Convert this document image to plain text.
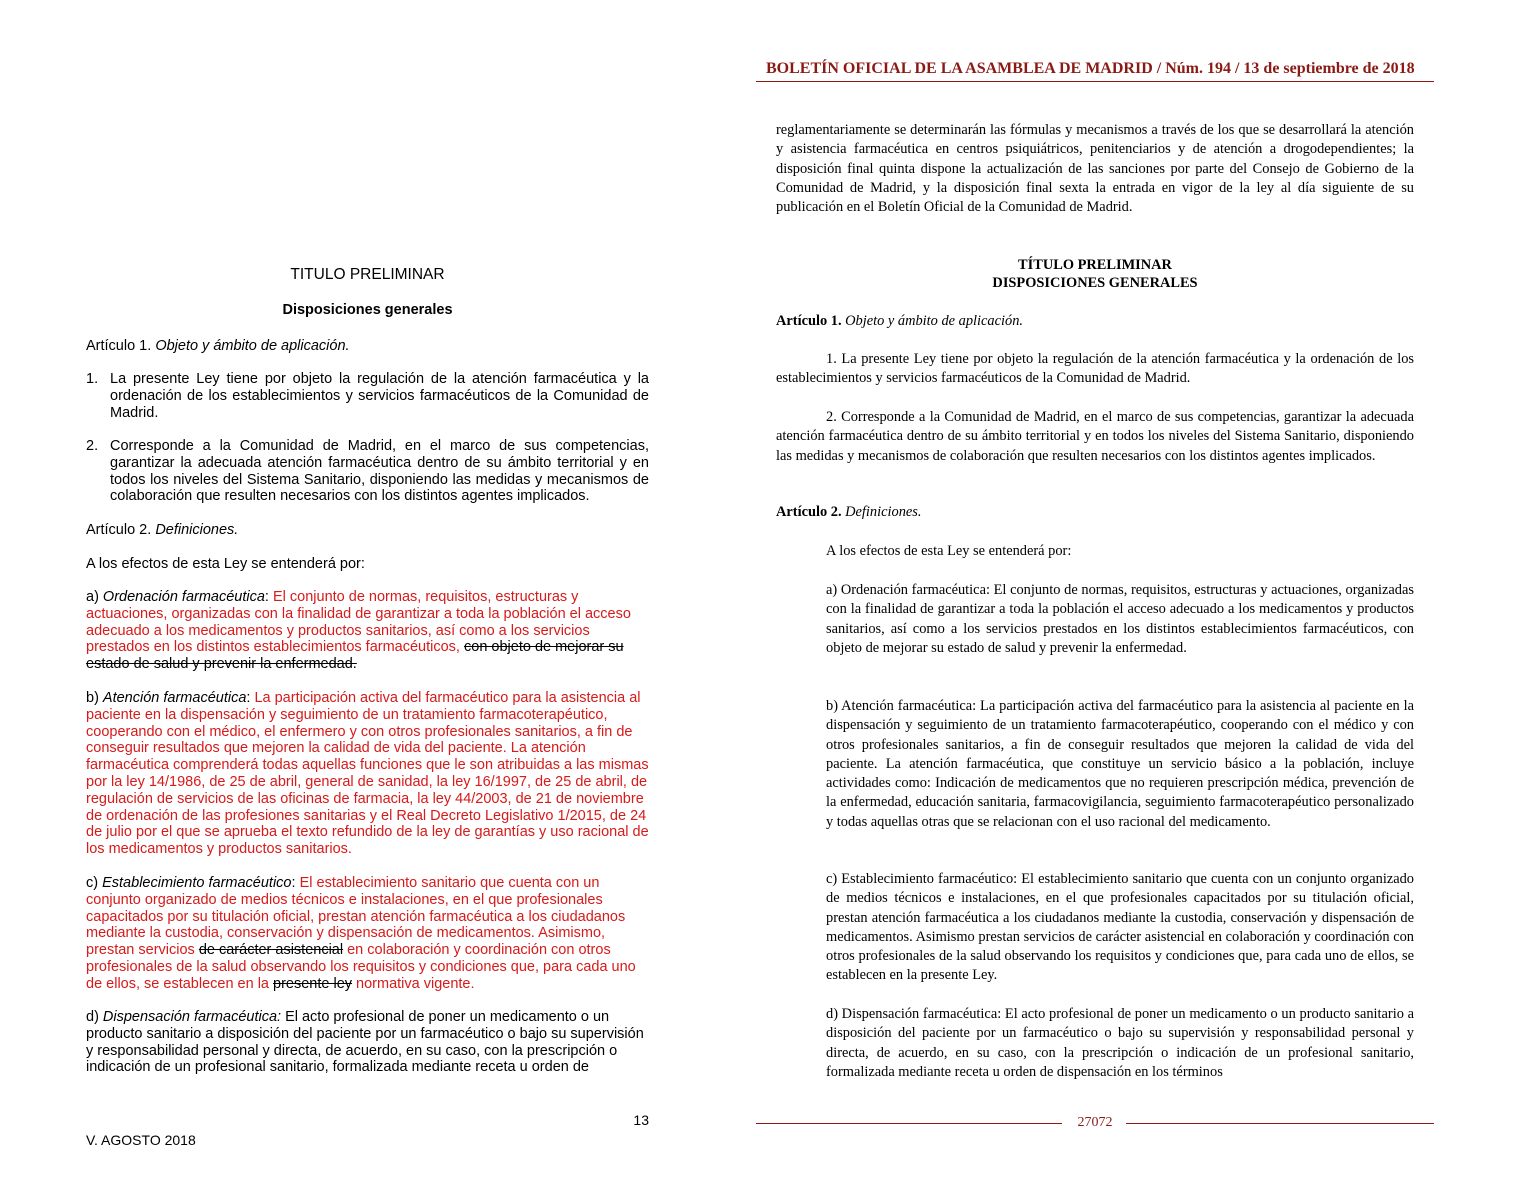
TITULO PRELIMINAR
Disposiciones generales
Artículo 1. Objeto y ámbito de aplicación.
1. La presente Ley tiene por objeto la regulación de la atención farmacéutica y la ordenación de los establecimientos y servicios farmacéuticos de la Comunidad de Madrid.
2. Corresponde a la Comunidad de Madrid, en el marco de sus competencias, garantizar la adecuada atención farmacéutica dentro de su ámbito territorial y en todos los niveles del Sistema Sanitario, disponiendo las medidas y mecanismos de colaboración que resulten necesarios con los distintos agentes implicados.
Artículo 2. Definiciones.
A los efectos de esta Ley se entenderá por:
a) Ordenación farmacéutica: El conjunto de normas, requisitos, estructuras y actuaciones, organizadas con la finalidad de garantizar a toda la población el acceso adecuado a los medicamentos y productos sanitarios, así como a los servicios prestados en los distintos establecimientos farmacéuticos, con objeto de mejorar su estado de salud y prevenir la enfermedad.
b) Atención farmacéutica: La participación activa del farmacéutico para la asistencia al paciente en la dispensación y seguimiento de un tratamiento farmacoterapéutico, cooperando con el médico, el enfermero y con otros profesionales sanitarios, a fin de conseguir resultados que mejoren la calidad de vida del paciente. La atención farmacéutica comprenderá todas aquellas funciones que le son atribuidas a las mismas por la ley 14/1986, de 25 de abril, general de sanidad, la ley 16/1997, de 25 de abril, de regulación de servicios de las oficinas de farmacia, la ley 44/2003, de 21 de noviembre de ordenación de las profesiones sanitarias y el Real Decreto Legislativo 1/2015, de 24 de julio por el que se aprueba el texto refundido de la ley de garantías y uso racional de los medicamentos y productos sanitarios.
c) Establecimiento farmacéutico: El establecimiento sanitario que cuenta con un conjunto organizado de medios técnicos e instalaciones, en el que profesionales capacitados por su titulación oficial, prestan atención farmacéutica a los ciudadanos mediante la custodia, conservación y dispensación de medicamentos. Asimismo, prestan servicios de carácter asistencial en colaboración y coordinación con otros profesionales de la salud observando los requisitos y condiciones que, para cada uno de ellos, se establecen en la presente ley normativa vigente.
d) Dispensación farmacéutica: El acto profesional de poner un medicamento o un producto sanitario a disposición del paciente por un farmacéutico o bajo su supervisión y responsabilidad personal y directa, de acuerdo, en su caso, con la prescripción o indicación de un profesional sanitario, formalizada mediante receta u orden de
13
V. AGOSTO 2018
BOLETÍN OFICIAL DE LA ASAMBLEA DE MADRID / Núm. 194 / 13 de septiembre de 2018
reglamentariamente se determinarán las fórmulas y mecanismos a través de los que se desarrollará la atención y asistencia farmacéutica en centros psiquiátricos, penitenciarios y de atención a drogodependientes; la disposición final quinta dispone la actualización de las sanciones por parte del Consejo de Gobierno de la Comunidad de Madrid, y la disposición final sexta la entrada en vigor de la ley al día siguiente de su publicación en el Boletín Oficial de la Comunidad de Madrid.
TÍTULO PRELIMINAR
DISPOSICIONES GENERALES
Artículo 1. Objeto y ámbito de aplicación.
1. La presente Ley tiene por objeto la regulación de la atención farmacéutica y la ordenación de los establecimientos y servicios farmacéuticos de la Comunidad de Madrid.
2. Corresponde a la Comunidad de Madrid, en el marco de sus competencias, garantizar la adecuada atención farmacéutica dentro de su ámbito territorial y en todos los niveles del Sistema Sanitario, disponiendo las medidas y mecanismos de colaboración que resulten necesarios con los distintos agentes implicados.
Artículo 2. Definiciones.
A los efectos de esta Ley se entenderá por:
a) Ordenación farmacéutica: El conjunto de normas, requisitos, estructuras y actuaciones, organizadas con la finalidad de garantizar a toda la población el acceso adecuado a los medicamentos y productos sanitarios, así como a los servicios prestados en los distintos establecimientos farmacéuticos, con objeto de mejorar su estado de salud y prevenir la enfermedad.
b) Atención farmacéutica: La participación activa del farmacéutico para la asistencia al paciente en la dispensación y seguimiento de un tratamiento farmacoterapéutico, cooperando con el médico y con otros profesionales sanitarios, a fin de conseguir resultados que mejoren la calidad de vida del paciente. La atención farmacéutica, que constituye un servicio básico a la población, incluye actividades como: Indicación de medicamentos que no requieren prescripción médica, prevención de la enfermedad, educación sanitaria, farmacovigilancia, seguimiento farmacoterapéutico personalizado y todas aquellas otras que se relacionan con el uso racional del medicamento.
c) Establecimiento farmacéutico: El establecimiento sanitario que cuenta con un conjunto organizado de medios técnicos e instalaciones, en el que profesionales capacitados por su titulación oficial, prestan atención farmacéutica a los ciudadanos mediante la custodia, conservación y dispensación de medicamentos. Asimismo prestan servicios de carácter asistencial en colaboración y coordinación con otros profesionales de la salud observando los requisitos y condiciones que, para cada uno de ellos, se establecen en la presente Ley.
d) Dispensación farmacéutica: El acto profesional de poner un medicamento o un producto sanitario a disposición del paciente por un farmacéutico o bajo su supervisión y responsabilidad personal y directa, de acuerdo, en su caso, con la prescripción o indicación de un profesional sanitario, formalizada mediante receta u orden de dispensación en los términos
27072
